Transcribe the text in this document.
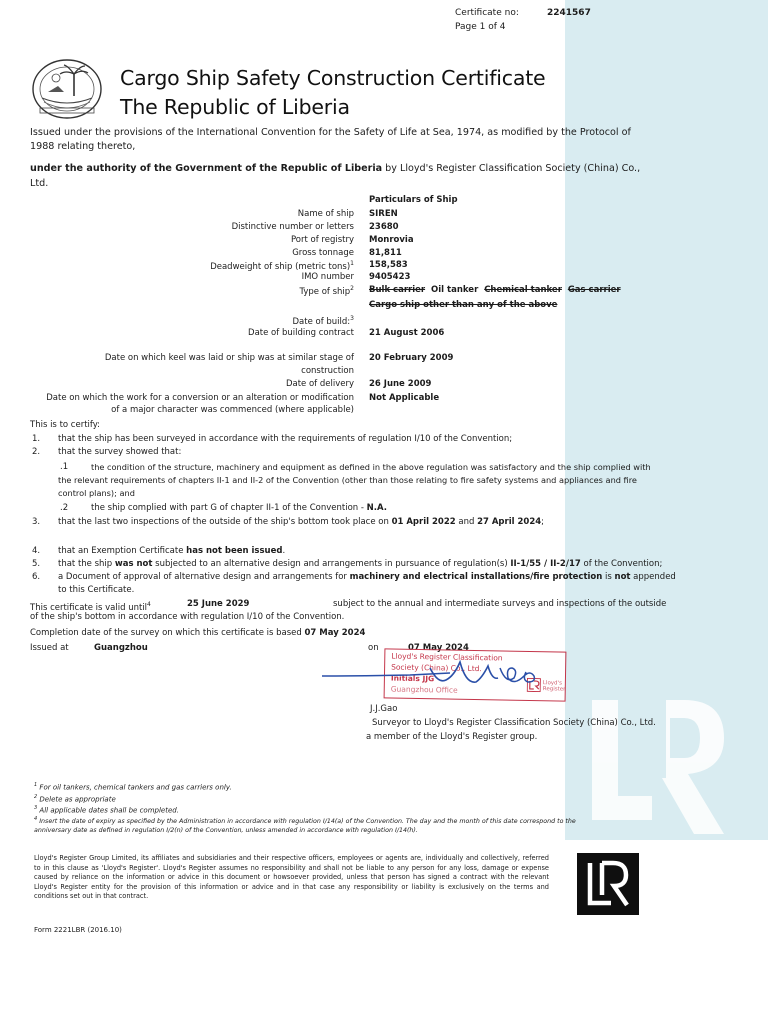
Certificate no:	2241567
Page 1 of 4
Cargo Ship Safety Construction Certificate
The Republic of Liberia
Issued under the provisions of the International Convention for the Safety of Life at Sea, 1974, as modified by the Protocol of
1988 relating thereto,
under the authority of the Government of the Republic of Liberia by Lloyd's Register Classification Society (China) Co.,
Ltd.
Particulars of Ship
Name of ship SIREN
Distinctive number or letters 23680
Port of registry Monrovia
Gross tonnage 81,811
Deadweight of ship (metric tons)$^1$ 158,583
IMO number 9405423
Type of ship$^2$ Bulk carrier Oil tanker Chemical tanker Gas carrier
Cargo ship other than any of the above
Date of build:$^3$
Date of building contract 21 August 2006
Date on which keel was laid or ship was at similar stage of 20 February 2009
construction
Date of delivery 26 June 2009
Date on which the work for a conversion or an alteration or modification Not Applicable
of a major character was commenced (where applicable)
This is to certify:
1. that the ship has been surveyed in accordance with the requirements of regulation I/10 of the Convention;
2. that the survey showed that:
.1	the condition of the structure, machinery and equipment as defined in the above regulation was satisfactory and the ship complied with
the relevant requirements of chapters II-1 and II-2 of the Convention (other than those relating to fire safety systems and appliances and fire
control plans); and
.2	the ship complied with part G of chapter II-1 of the Convention - N.A.
3. that the last two inspections of the outside of the ship's bottom took place on 01 April 2022 and 27 April 2024;
4. that an Exemption Certificate has not been issued.
5. that the ship was not subjected to an alternative design and arrangements in pursuance of regulation(s) II-1/55 / II-2/17 of the Convention;
6. a Document of approval of alternative design and arrangements for machinery and electrical installations/fire protection is not appended
to this Certificate.
This certificate is valid until$^4$	25 June 2029	subject to the annual and intermediate surveys and inspections of the outside
of the ship's bottom in accordance with regulation I/10 of the Convention.
Completion date of the survey on which this certificate is based 07 May 2024
Issued at	Guangzhou	on	07 May 2024
Lloyd's Register Classification
Society (China) Co., Ltd.
Initials JJG
Guangzhou Office
Lloyd's
Register
J.J.Gao
Surveyor to Lloyd's Register Classification Society (China) Co., Ltd.
a member of the Lloyd's Register group.
$^1$ For oil tankers, chemical tankers and gas carriers only.
$^2$ Delete as appropriate
$^3$ All applicable dates shall be completed.
$^4$ Insert the date of expiry as specified by the Administration in accordance with regulation I/14(a) of the Convention. The day and the month of this date correspond to the
anniversary date as defined in regulation I/2(n) of the Convention, unless amended in accordance with regulation I/14(h).
Lloyd's Register Group Limited, its affiliates and subsidiaries and their respective officers, employees or agents are, individually and collectively, referred to in this clause as 'Lloyd's Register'. Lloyd's Register assumes no responsibility and shall not be liable to any person for any loss, damage or expense caused by reliance on the information or advice in this document or howsoever provided, unless that person has signed a contract with the relevant Lloyd's Register entity for the provision of this information or advice and in that case any responsibility or liability is exclusively on the terms and conditions set out in that contract.
Form 2221LBR (2016.10)
